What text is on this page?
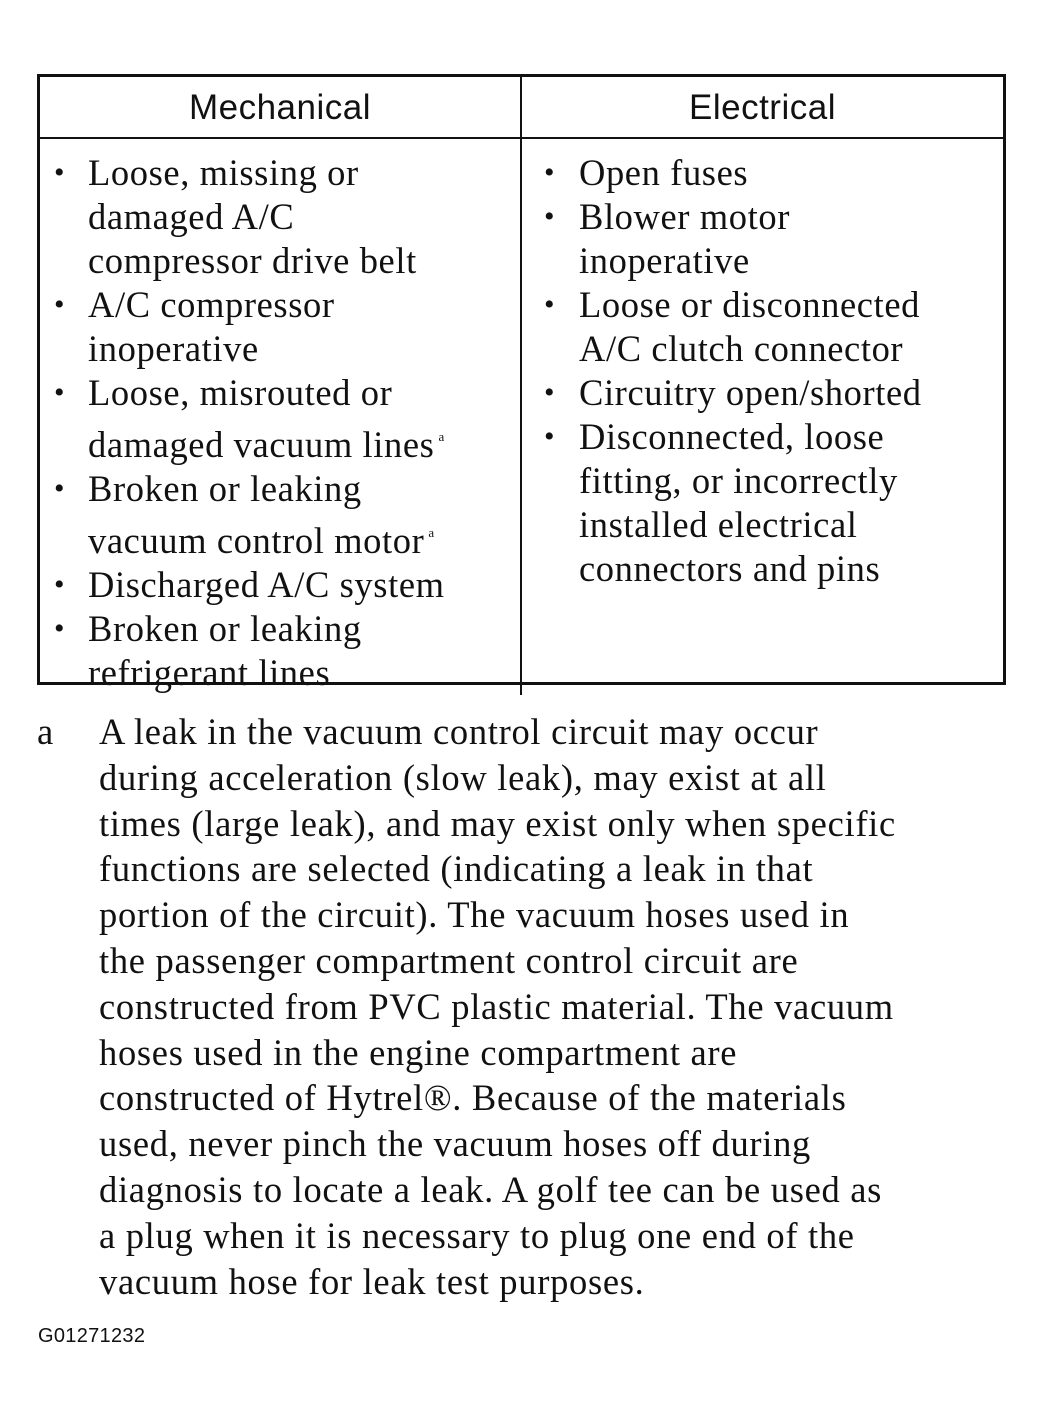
Mechanical	Electrical
• Loose, missing or
damaged A/C
compressor drive belt
• A/C compressor
inoperative
• Loose, misrouted or
damaged vacuum lines $^a$
• Broken or leaking
vacuum control motor $^a$
• Discharged A/C system
• Broken or leaking
refrigerant lines
• Open fuses
• Blower motor
inoperative
• Loose or disconnected
A/C clutch connector
• Circuitry open/shorted
• Disconnected, loose
fitting, or incorrectly
installed electrical
connectors and pins
a A leak in the vacuum control circuit may occur
during acceleration (slow leak), may exist at all
times (large leak), and may exist only when specific
functions are selected (indicating a leak in that
portion of the circuit). The vacuum hoses used in
the passenger compartment control circuit are
constructed from PVC plastic material. The vacuum
hoses used in the engine compartment are
constructed of Hytrel®. Because of the materials
used, never pinch the vacuum hoses off during
diagnosis to locate a leak. A golf tee can be used as
a plug when it is necessary to plug one end of the
vacuum hose for leak test purposes.
G01271232
